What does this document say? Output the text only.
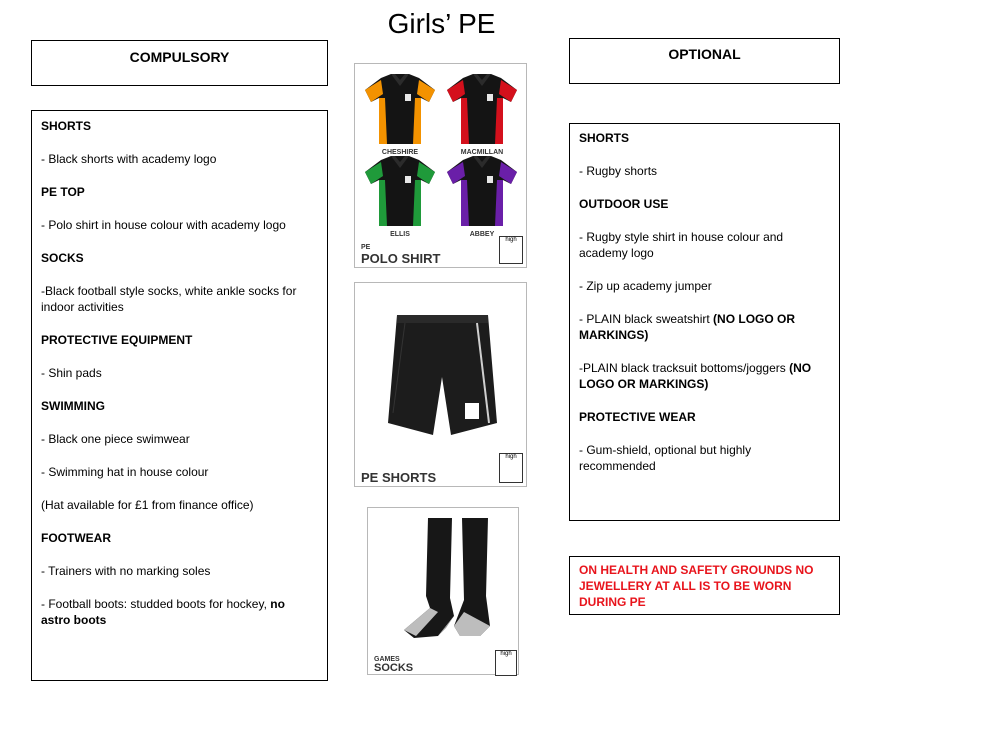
Girls’ PE
COMPULSORY

SHORTS

- Black shorts with academy logo

PE TOP

- Polo shirt in house colour with academy logo

SOCKS

-Black football style socks, white ankle socks for indoor activities

PROTECTIVE EQUIPMENT

- Shin pads

SWIMMING

- Black one piece swimwear

- Swimming hat in house colour

(Hat available for £1 from finance office)

FOOTWEAR

- Trainers with no marking soles

- Football boots: studded boots for hockey, no astro boots

OPTIONAL

SHORTS

- Rugby shorts

OUTDOOR USE

- Rugby style shirt in house colour and academy logo

- Zip up academy jumper

- PLAIN black sweatshirt (NO LOGO OR MARKINGS)

-PLAIN black tracksuit bottoms/joggers (NO LOGO OR MARKINGS)

PROTECTIVE WEAR

- Gum-shield, optional but highly recommended

ON HEALTH AND SAFETY GROUNDS NO JEWELLERY AT ALL IS TO BE WORN DURING PE
CHESHIRE	MACMILLAN
ELLIS	ABBEY
PE
POLO SHIRT
high
PE SHORTS
high
GAMES
SOCKS
high
